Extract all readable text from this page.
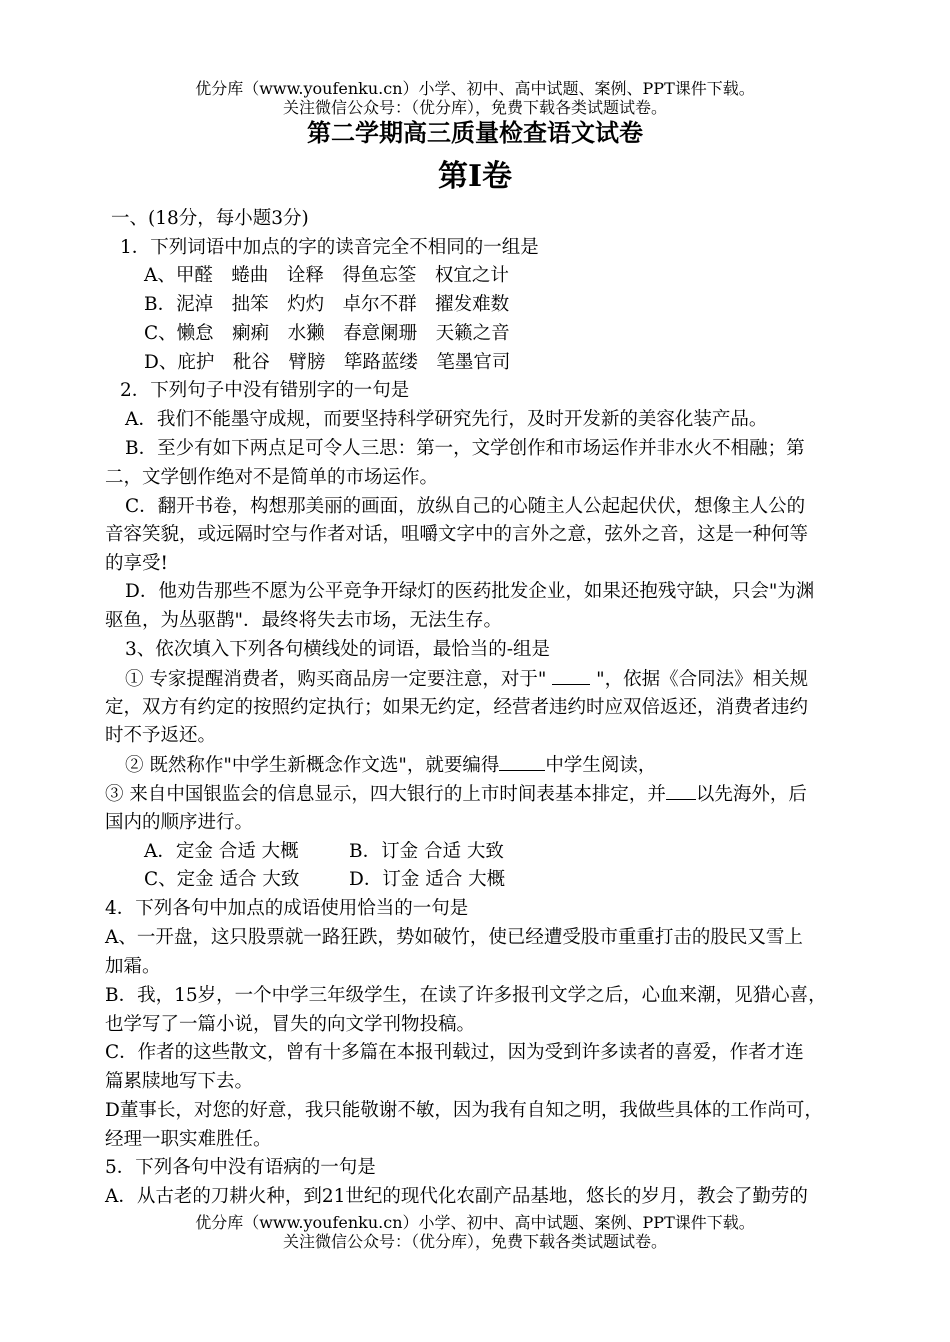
优分库（www.youfenku.cn）小学、初中、高中试题、案例、PPT课件下载。
关注微信公众号：（优分库），免费下载各类试题试卷。
第二学期高三质量检查语文试卷
第Ⅰ卷
一、(18分，每小题3分)
1．下列词语中加点的字的读音完全不相同的一组是
A、甲醛　蜷曲　诠释　得鱼忘筌　权宜之计
B．泥淖　拙笨　灼灼　卓尔不群　擢发难数
C、懒怠　瘌痢　水獭　春意阑珊　天籁之音
D、庇护　秕谷　臂膀　筚路蓝缕　笔墨官司
2．下列句子中没有错别字的一句是
A．我们不能墨守成规，而要坚持科学研究先行，及时开发新的美容化装产品。
B．至少有如下两点足可令人三思：第一，文学创作和市场运作并非水火不相融；第
二，文学刨作绝对不是简单的市场运作。
C．翻开书卷，构想那美丽的画面，放纵自己的心随主人公起起伏伏，想像主人公的
音容笑貌，或远隔时空与作者对话，咀嚼文字中的言外之意，弦外之音，这是一种何等
的享受!
D．他劝告那些不愿为公平竞争开绿灯的医药批发企业，如果还抱残守缺，只会"为渊
驱鱼，为丛驱鹊"．最终将失去市场，无法生存。
3、依次填入下列各句横线处的词语，最恰当的-组是
① 专家提醒消费者，购买商品房一定要注意，对于"  "，依据《合同法》相关规
定，双方有约定的按照约定执行；如果无约定，经营者违约时应双倍返还，消费者违约
时不予返还。
② 既然称作"中学生新概念作文选"，就要编得 中学生阅读，
③ 来自中国银监会的信息显示，四大银行的上市时间表基本排定，并 以先海外，后
国内的顺序进行。
A．定金 合适 大概	B．订金 合适 大致
C、定金 适合 大致	D．订金 适合 大概
4．下列各句中加点的成语使用恰当的一句是
A、一开盘，这只股票就一路狂跌，势如破竹，使已经遭受股市重重打击的股民又雪上
加霜。
B．我，15岁，一个中学三年级学生，在读了许多报刊文学之后，心血来潮，见猎心喜，
也学写了一篇小说，冒失的向文学刊物投稿。
C．作者的这些散文，曾有十多篇在本报刊载过，因为受到许多读者的喜爱，作者才连
篇累牍地写下去。
D董事长，对您的好意，我只能敬谢不敏，因为我有自知之明，我做些具体的工作尚可，
经理一职实难胜任。
5．下列各句中没有语病的一句是
A．从古老的刀耕火种，到21世纪的现代化农副产品基地，悠长的岁月，教会了勤劳的
优分库（www.youfenku.cn）小学、初中、高中试题、案例、PPT课件下载。
关注微信公众号：（优分库），免费下载各类试题试卷。
